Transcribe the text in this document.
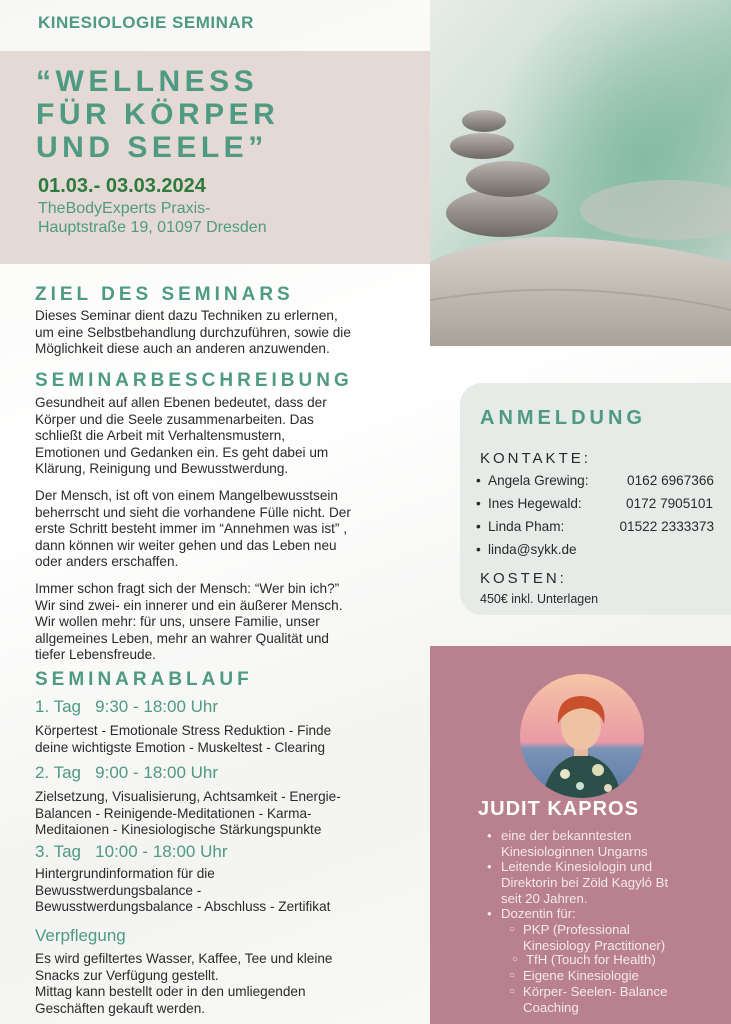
KINESIOLOGIE SEMINAR
“WELLNESS
FÜR KÖRPER
UND SEELE”
01.03.- 03.03.2024
TheBodyExperts Praxis-
Hauptstraße 19, 01097 Dresden
ZIEL DES SEMINARS
Dieses Seminar dient dazu Techniken zu erlernen,
um eine Selbstbehandlung durchzuführen, sowie die
Möglichkeit diese auch an anderen anzuwenden.
SEMINARBESCHREIBUNG
Gesundheit auf allen Ebenen bedeutet, dass der
Körper und die Seele zusammenarbeiten. Das
schließt die Arbeit mit Verhaltensmustern,
Emotionen und Gedanken ein. Es geht dabei um
Klärung, Reinigung und Bewusstwerdung.
Der Mensch, ist oft von einem Mangelbewusstsein
beherrscht und sieht die vorhandene Fülle nicht. Der
erste Schritt besteht immer im “Annehmen was ist” ,
dann können wir weiter gehen und das Leben neu
oder anders erschaffen.
Immer schon fragt sich der Mensch: “Wer bin ich?”
Wir sind zwei- ein innerer und ein äußerer Mensch.
Wir wollen mehr: für uns, unsere Familie, unser
allgemeines Leben, mehr an wahrer Qualität und
tiefer Lebensfreude.
SEMINARABLAUF
1. Tag   9:30 - 18:00 Uhr
Körpertest - Emotionale Stress Reduktion - Finde
deine wichtigste Emotion - Muskeltest - Clearing
2. Tag   9:00 - 18:00 Uhr
Zielsetzung, Visualisierung, Achtsamkeit - Energie-
Balancen - Reinigende-Meditationen - Karma-
Meditaionen - Kinesiologische Stärkungspunkte
3. Tag   10:00 - 18:00 Uhr
Hintergrundinformation für die
Bewusstwerdungsbalance -
Bewusstwerdungsbalance - Abschluss - Zertifikat
Verpflegung
Es wird gefiltertes Wasser, Kaffee, Tee und kleine
Snacks zur Verfügung gestellt.
Mittag kann bestellt oder in den umliegenden
Geschäften gekauft werden.
ANMELDUNG
KONTAKTE:
• Angela Grewing:	0162 6967366
• Ines Hegewald:	0172 7905101
• Linda Pham:	01522 2333373
• linda@sykk.de
KOSTEN:
450€ inkl. Unterlagen
JUDIT KAPROS
• eine der bekanntesten
Kinesiologinnen Ungarns
• Leitende Kinesiologin und
Direktorin bei Zöld Kagyló Bt
seit 20 Jahren.
• Dozentin für:
○ PKP (Professional
Kinesiology Practitioner)
○ TfH (Touch for Health)
○ Eigene Kinesiologie
○ Körper- Seelen- Balance
Coaching
